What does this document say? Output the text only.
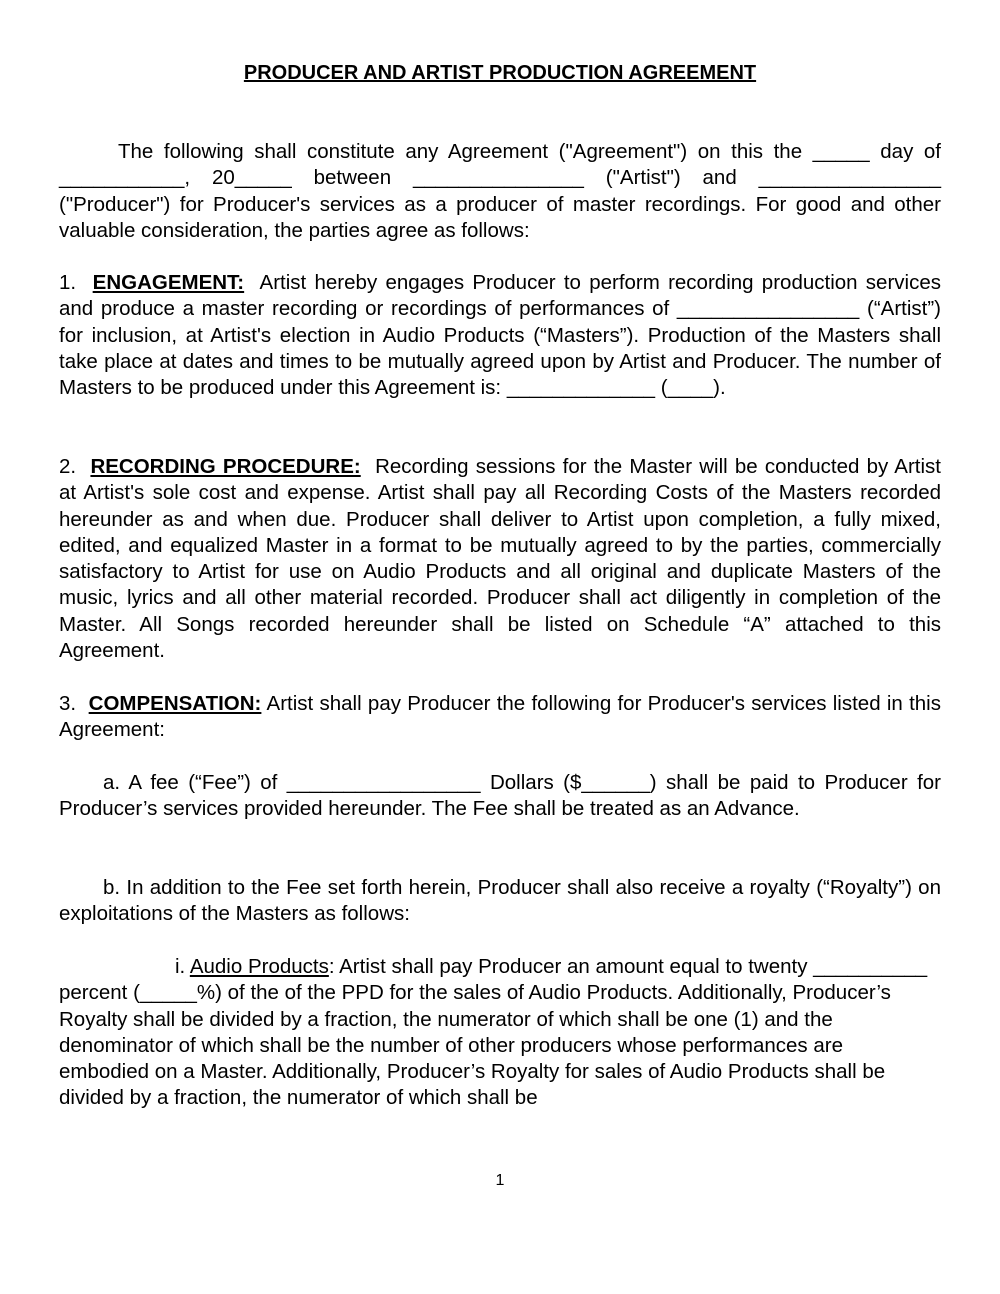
PRODUCER AND ARTIST PRODUCTION AGREEMENT

The following shall constitute any Agreement ("Agreement") on this the _____ day of ___________, 20_____ between _______________ ("Artist") and ________________ ("Producer") for Producer's services as a producer of master recordings. For good and other valuable consideration, the parties agree as follows:

1. ENGAGEMENT: Artist hereby engages Producer to perform recording production services and produce a master recording or recordings of performances of ________________ (“Artist”) for inclusion, at Artist's election in Audio Products (“Masters”). Production of the Masters shall take place at dates and times to be mutually agreed upon by Artist and Producer. The number of Masters to be produced under this Agreement is: _____________ (____).

2. RECORDING PROCEDURE: Recording sessions for the Master will be conducted by Artist at Artist's sole cost and expense. Artist shall pay all Recording Costs of the Masters recorded hereunder as and when due. Producer shall deliver to Artist upon completion, a fully mixed, edited, and equalized Master in a format to be mutually agreed to by the parties, commercially satisfactory to Artist for use on Audio Products and all original and duplicate Masters of the music, lyrics and all other material recorded. Producer shall act diligently in completion of the Master. All Songs recorded hereunder shall be listed on Schedule “A” attached to this Agreement.

3. COMPENSATION: Artist shall pay Producer the following for Producer's services listed in this Agreement:

a. A fee (“Fee”) of _________________ Dollars ($______) shall be paid to Producer for Producer’s services provided hereunder. The Fee shall be treated as an Advance.

b. In addition to the Fee set forth herein, Producer shall also receive a royalty (“Royalty”) on exploitations of the Masters as follows:

i. Audio Products: Artist shall pay Producer an amount equal to twenty __________ percent (_____%) of the of the PPD for the sales of Audio Products. Additionally, Producer’s Royalty shall be divided by a fraction, the numerator of which shall be one (1) and the denominator of which shall be the number of other producers whose performances are embodied on a Master. Additionally, Producer’s Royalty for sales of Audio Products shall be divided by a fraction, the numerator of which shall be

1
